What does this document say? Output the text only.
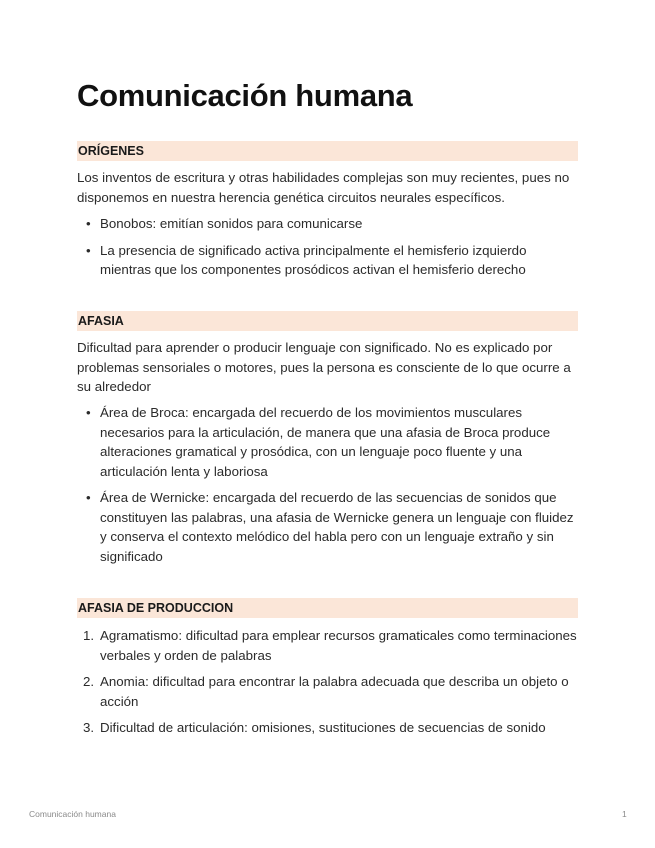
Comunicación humana
ORÍGENES

Los inventos de escritura y otras habilidades complejas son muy recientes, pues no disponemos en nuestra herencia genética circuitos neurales específicos.

• Bonobos: emitían sonidos para comunicarse
• La presencia de significado activa principalmente el hemisferio izquierdo mientras que los componentes prosódicos activan el hemisferio derecho
AFASIA

Dificultad para aprender o producir lenguaje con significado. No es explicado por problemas sensoriales o motores, pues la persona es consciente de lo que ocurre a su alrededor

• Área de Broca: encargada del recuerdo de los movimientos musculares necesarios para la articulación, de manera que una afasia de Broca produce alteraciones gramatical y prosódica, con un lenguaje poco fluente y una articulación lenta y laboriosa
• Área de Wernicke: encargada del recuerdo de las secuencias de sonidos que constituyen las palabras, una afasia de Wernicke genera un lenguaje con fluidez y conserva el contexto melódico del habla pero con un lenguaje extraño y sin significado
AFASIA DE PRODUCCION
1. Agramatismo: dificultad para emplear recursos gramaticales como terminaciones verbales y orden de palabras
2. Anomia: dificultad para encontrar la palabra adecuada que describa un objeto o acción
3. Dificultad de articulación: omisiones, sustituciones de secuencias de sonido
Comunicación humana	1
